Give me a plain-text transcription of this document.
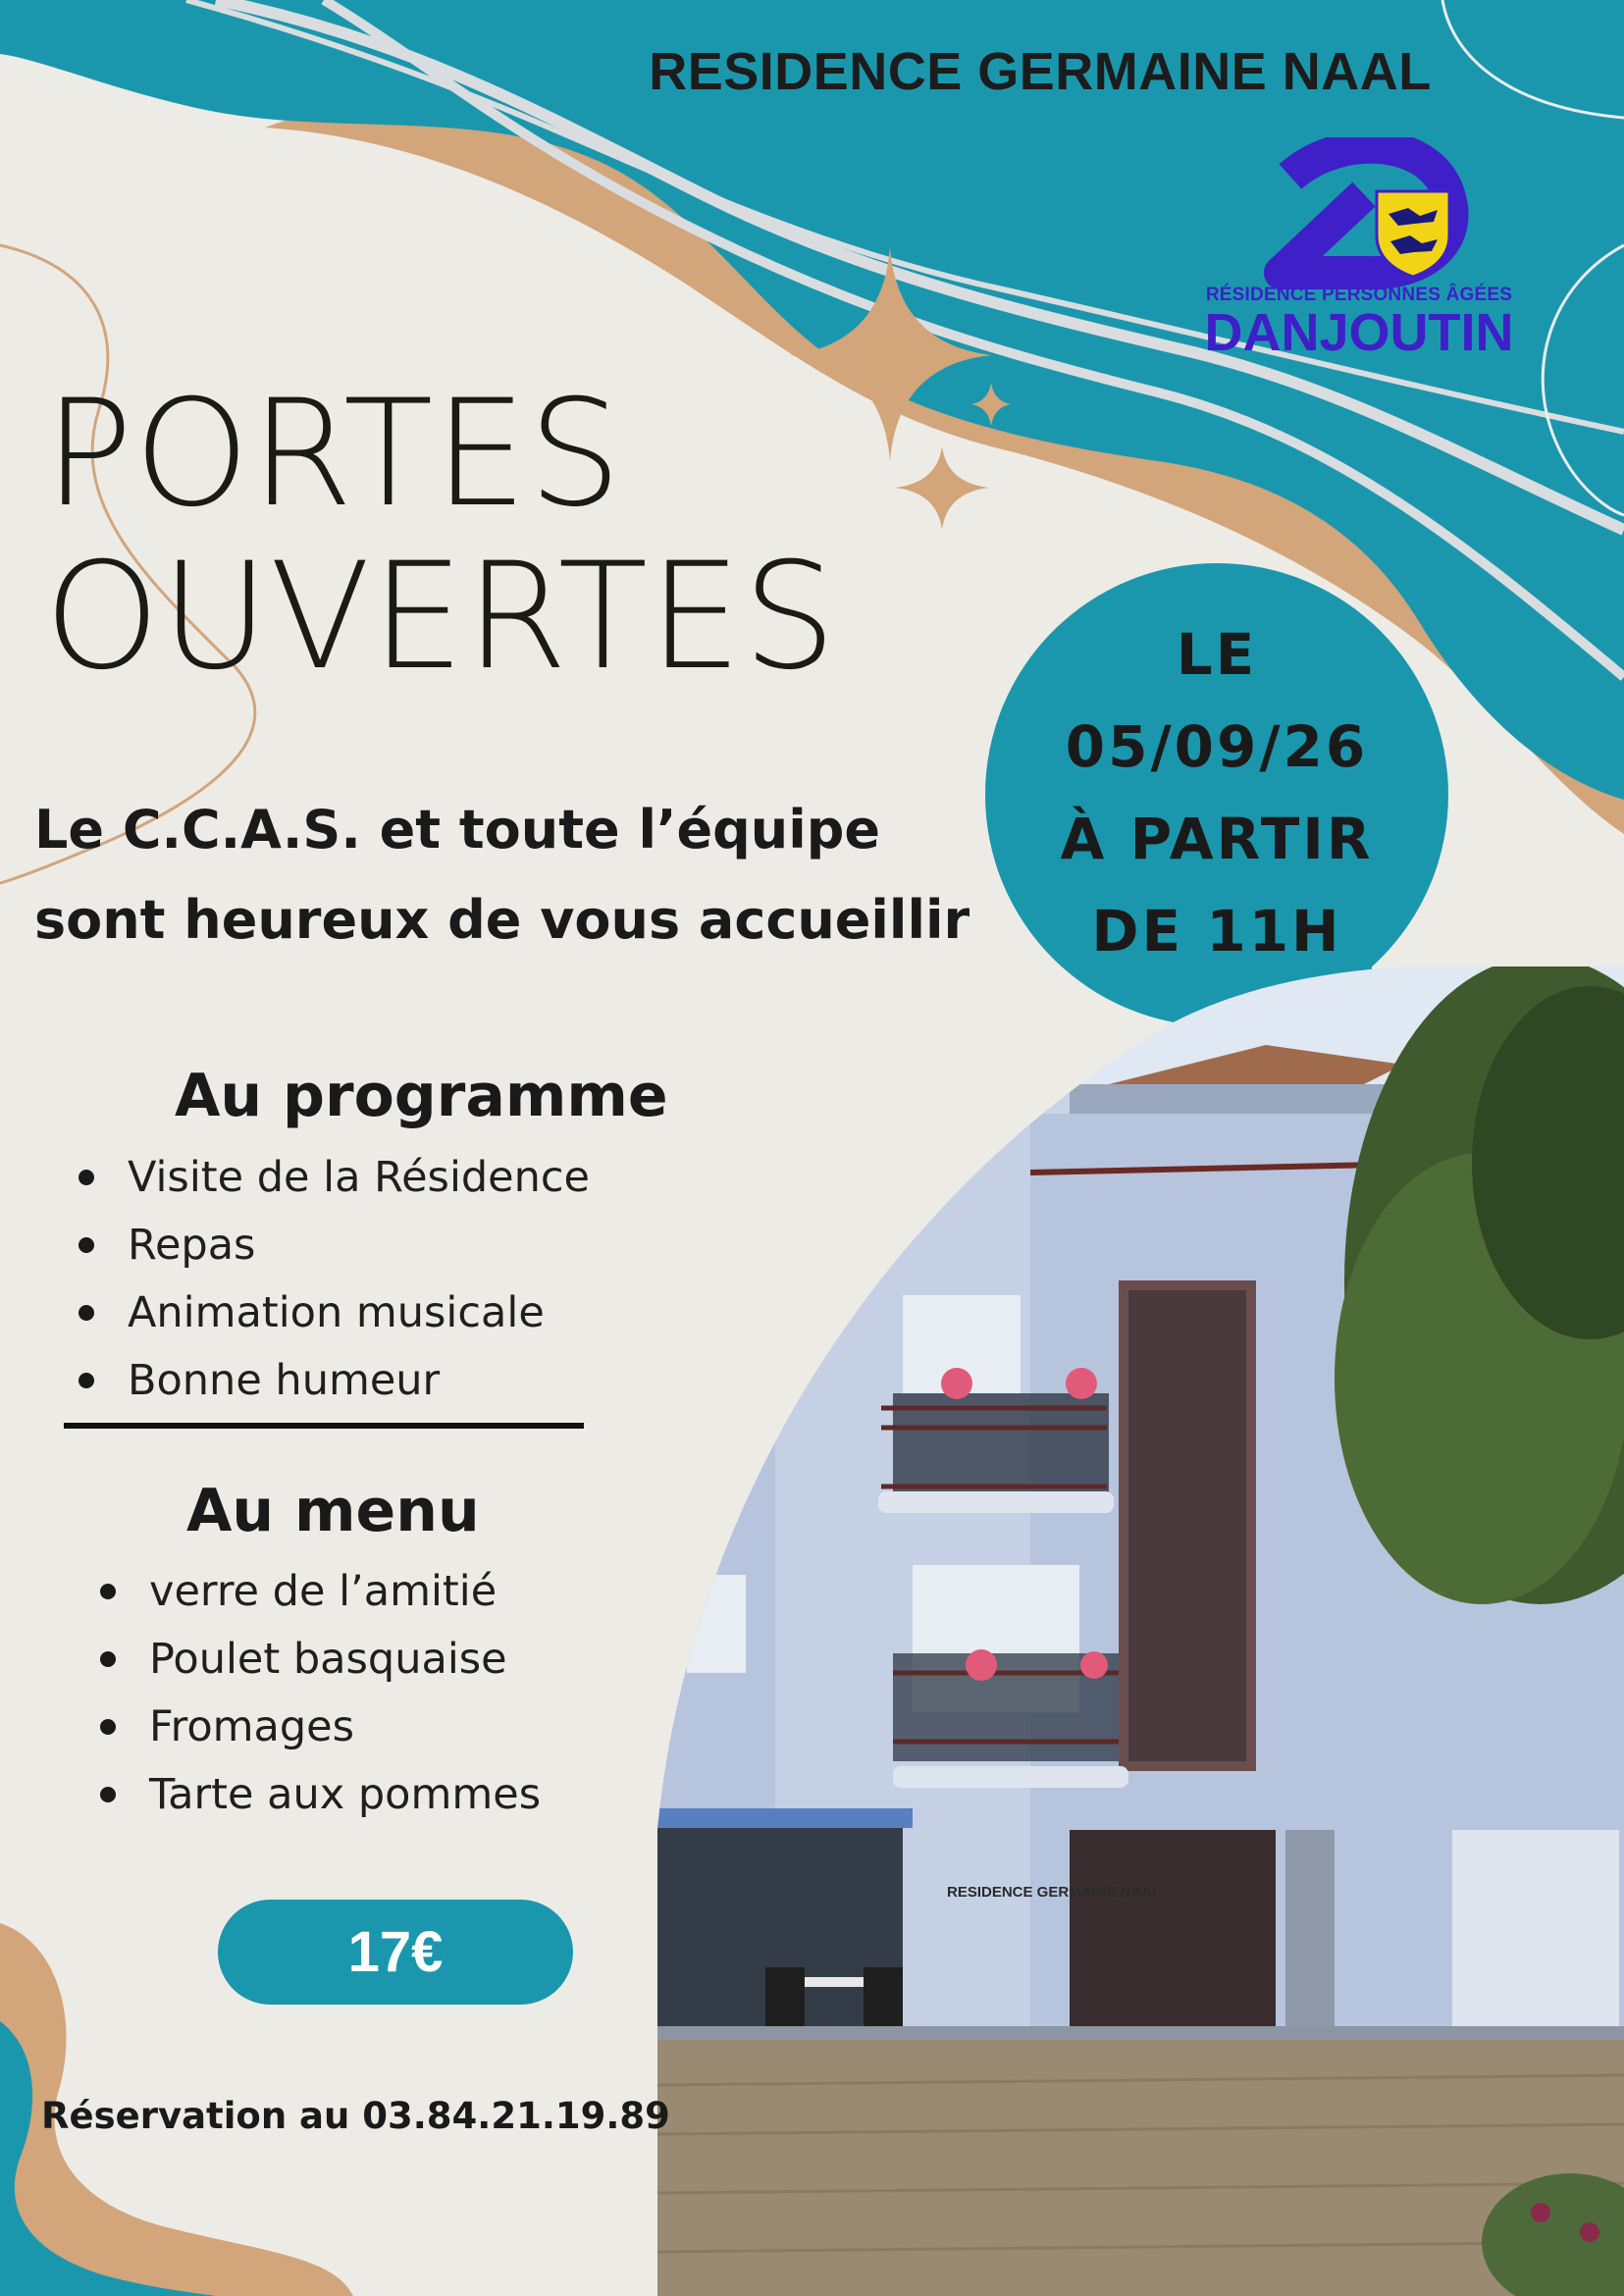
RESIDENCE GERMAINE NAAL
RÉSIDENCE PERSONNES ÂGÉES
DANJOUTIN
PORTES
OUVERTES
Le C.C.A.S. et toute l’équipe
sont heureux de vous accueillir
LE
05/09/26
À PARTIR
DE 11H
RESIDENCE GERMAINE NAAL
Au programme
Visite de la Résidence
Repas
Animation musicale
Bonne humeur
Au menu
verre de l’amitié
Poulet basquaise
Fromages
Tarte aux pommes
17€
Réservation au 03.84.21.19.89
